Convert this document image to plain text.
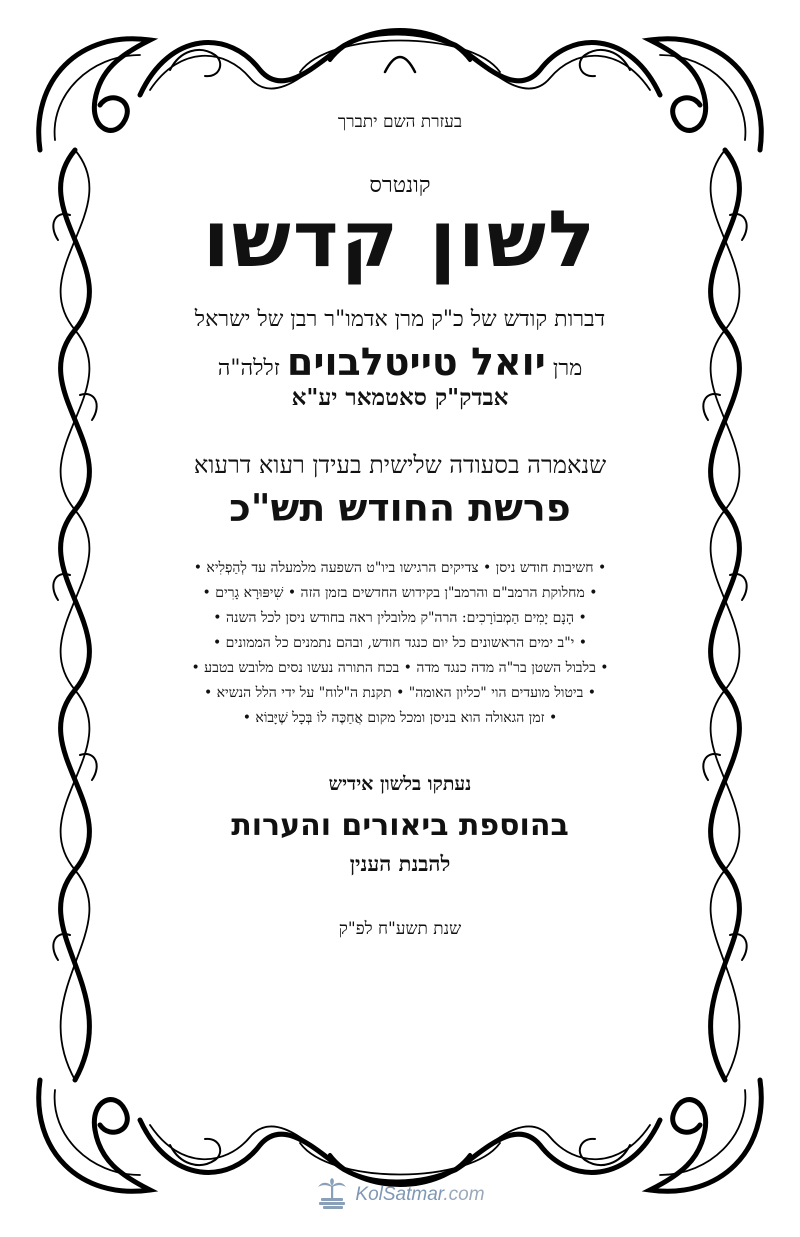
בעזרת השם יתברך
קונטרס
לשון קדשו
דברות קודש של כ"ק מרן אדמו"ר רבן של ישראל
מרן יואל טייטלבוים זללה"ה
אבדק"ק סאטמאר יע"א
שנאמרה בסעודה שלישית בעידן רעוא דרעוא
פרשת החודש תש"כ
• חשיבות חודש ניסן • צדיקים הרגישו ביו"ט השפעה מלמעלה עד לְהַפְלִיא •
• מחלוקת הרמב"ם והרמב"ן בקידוש החדשים בזמן הזה • שִׁיפּוּרָא גָרִים •
• הָנָם יָמִים הַמְבוֹרָכִים: הרה"ק מלובלין ראה בחודש ניסן לכל השנה •
• י"ב ימים הראשונים כל יום כנגד חודש, ובהם נתמנים כל הממונים •
• בלבול השטן בר"ה מדה כנגד מדה • בכח התורה נעשו נסים מלובש בטבע •
• ביטול מועדים הוי "כליון האומה" • תקנת ה"לוח" על ידי הלל הנשיא •
• זמן הגאולה הוא בניסן ומכל מקום אֲחַכֶּה לוֹ בְּכָל שֶׁיָּבוֹא •
נעתקו בלשון אידיש
בהוספת ביאורים והערות
להבנת הענין
שנת תשע"ח לפ"ק
KolSatmar.com
